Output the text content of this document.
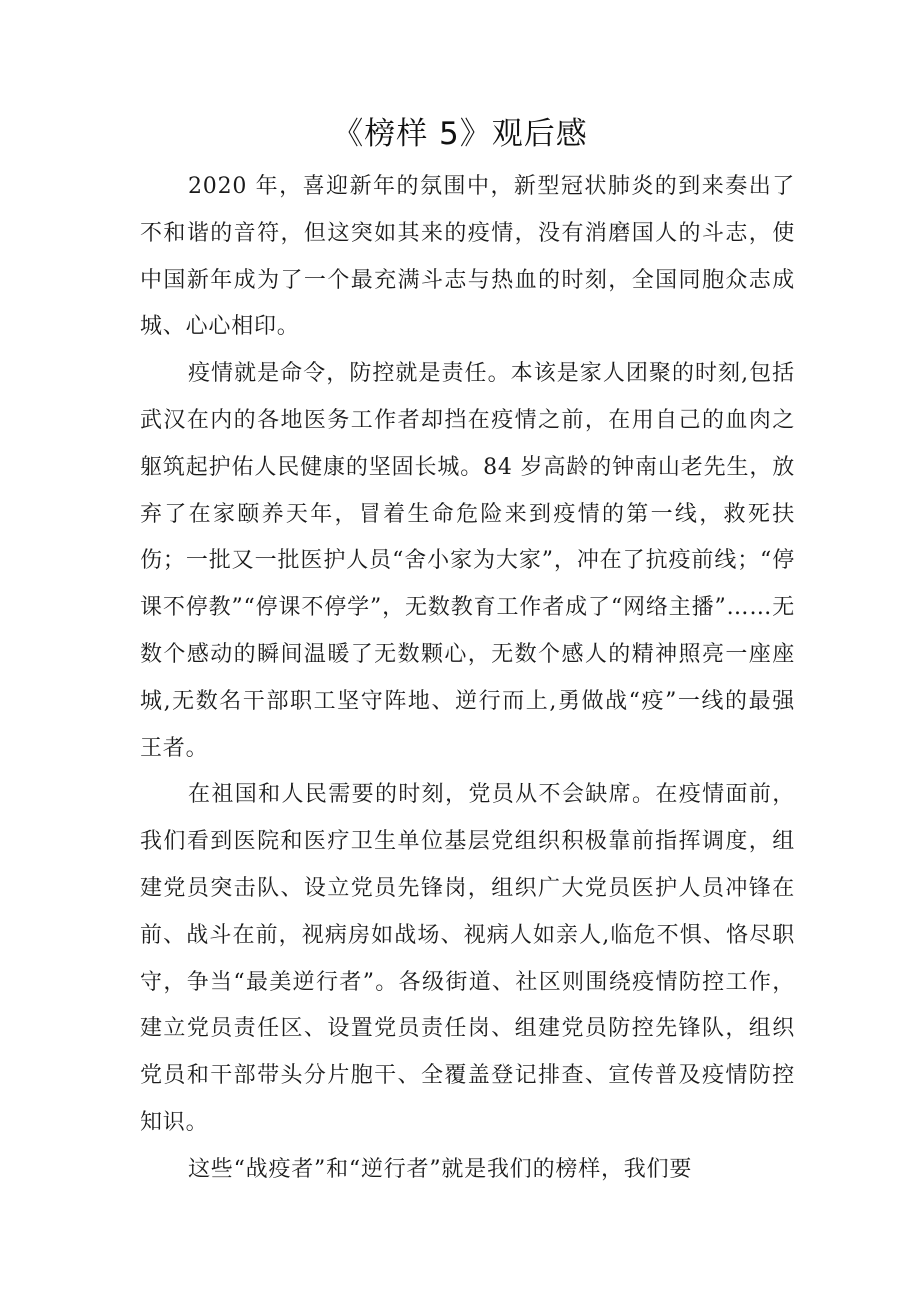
《榜样 5》观后感

2020 年，喜迎新年的氛围中，新型冠状肺炎的到来奏出了不和谐的音符，但这突如其来的疫情，没有消磨国人的斗志，使中国新年成为了一个最充满斗志与热血的时刻，全国同胞众志成城、心心相印。

疫情就是命令，防控就是责任。本该是家人团聚的时刻,包括武汉在内的各地医务工作者却挡在疫情之前，在用自己的血肉之躯筑起护佑人民健康的坚固长城。84 岁高龄的钟南山老先生，放弃了在家颐养天年，冒着生命危险来到疫情的第一线，救死扶伤；一批又一批医护人员“舍小家为大家”，冲在了抗疫前线；“停课不停教”“停课不停学”，无数教育工作者成了“网络主播”……无数个感动的瞬间温暖了无数颗心，无数个感人的精神照亮一座座城,无数名干部职工坚守阵地、逆行而上,勇做战“疫”一线的最强王者。

在祖国和人民需要的时刻，党员从不会缺席。在疫情面前，我们看到医院和医疗卫生单位基层党组织积极靠前指挥调度，组建党员突击队、设立党员先锋岗，组织广大党员医护人员冲锋在前、战斗在前，视病房如战场、视病人如亲人,临危不惧、恪尽职守，争当“最美逆行者”。各级街道、社区则围绕疫情防控工作，建立党员责任区、设置党员责任岗、组建党员防控先锋队，组织党员和干部带头分片胞干、全覆盖登记排查、宣传普及疫情防控知识。

这些“战疫者”和“逆行者”就是我们的榜样，我们要
